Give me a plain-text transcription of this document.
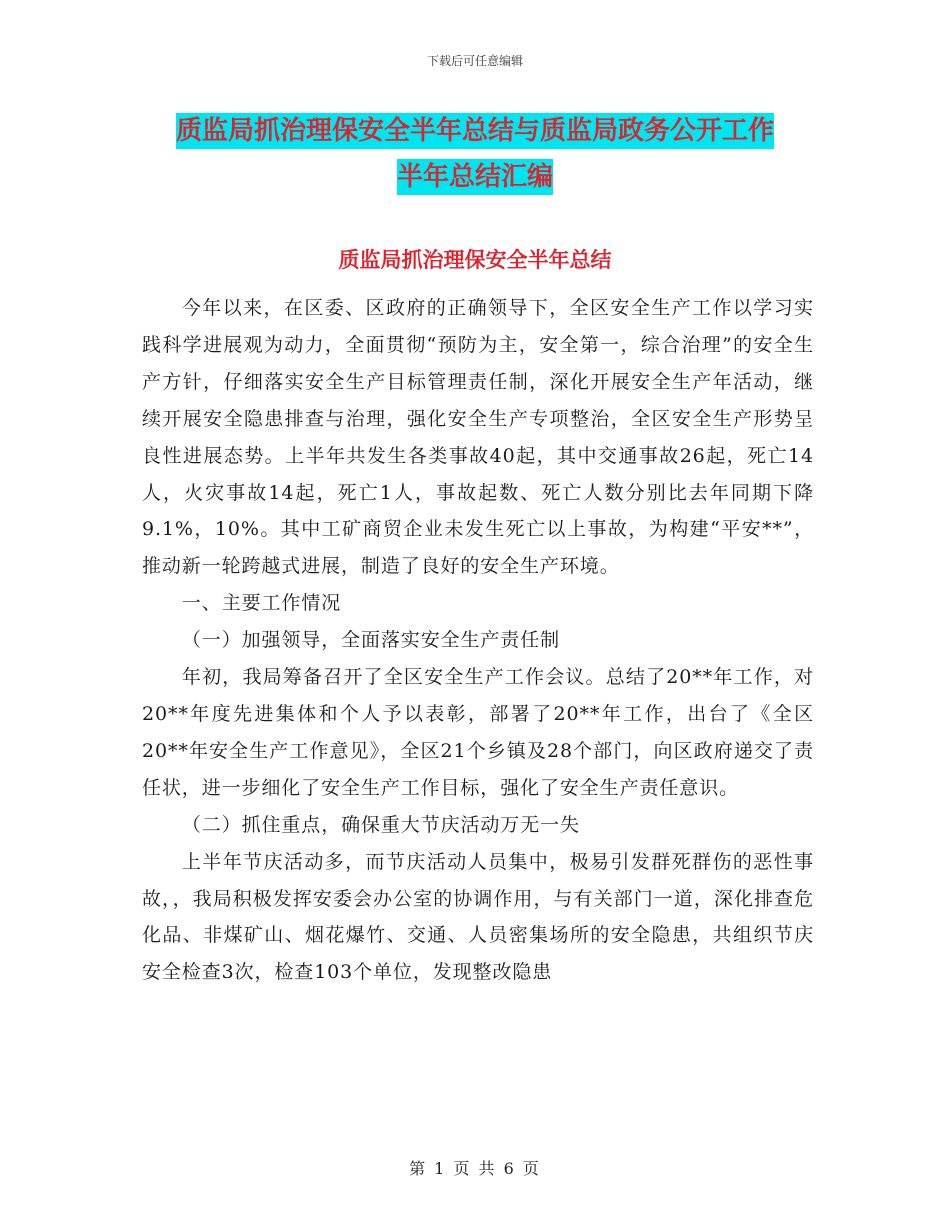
下载后可任意编辑
质监局抓治理保安全半年总结与质监局政务公开工作
半年总结汇编
质监局抓治理保安全半年总结

今年以来，在区委、区政府的正确领导下，全区安全生产工作以学习实践科学进展观为动力，全面贯彻“预防为主，安全第一，综合治理”的安全生产方针，仔细落实安全生产目标管理责任制，深化开展安全生产年活动，继续开展安全隐患排查与治理，强化安全生产专项整治，全区安全生产形势呈良性进展态势。上半年共发生各类事故40起，其中交通事故26起，死亡14人，火灾事故14起，死亡1人，事故起数、死亡人数分别比去年同期下降9.1%，10%。其中工矿商贸企业未发生死亡以上事故，为构建“平安**”，推动新一轮跨越式进展，制造了良好的安全生产环境。

一、主要工作情况

（一）加强领导，全面落实安全生产责任制

年初，我局筹备召开了全区安全生产工作会议。总结了20**年工作，对20**年度先进集体和个人予以表彰，部署了20**年工作，出台了《全区20**年安全生产工作意见》，全区21个乡镇及28个部门，向区政府递交了责任状，进一步细化了安全生产工作目标，强化了安全生产责任意识。

（二）抓住重点，确保重大节庆活动万无一失

上半年节庆活动多，而节庆活动人员集中，极易引发群死群伤的恶性事故，，我局积极发挥安委会办公室的协调作用，与有关部门一道，深化排查危化品、非煤矿山、烟花爆竹、交通、人员密集场所的安全隐患，共组织节庆安全检查3次，检查103个单位，发现整改隐患

第 1 页 共 6 页
